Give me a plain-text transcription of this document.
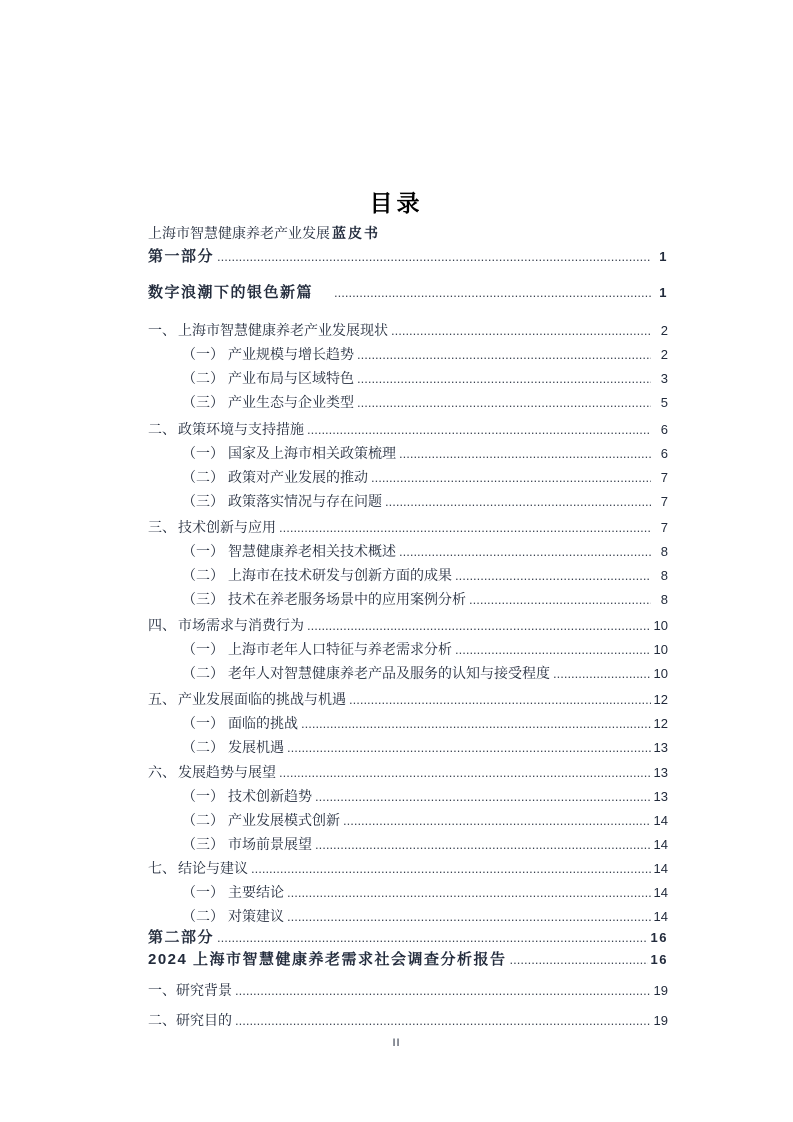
目录
上海市智慧健康养老产业发展 蓝皮书
第一部分 .....	1
数字浪潮下的银色新篇 .....	1
一、 上海市智慧健康养老产业发展现状 .....	2
（一） 产业规模与增长趋势 .....	2
（二） 产业布局与区域特色 .....	3
（三） 产业生态与企业类型 .....	5
二、 政策环境与支持措施 .....	6
（一） 国家及上海市相关政策梳理 .....	6
（二） 政策对产业发展的推动 .....	7
（三） 政策落实情况与存在问题 .....	7
三、 技术创新与应用 .....	7
（一） 智慧健康养老相关技术概述 .....	8
（二） 上海市在技术研发与创新方面的成果 .....	8
（三） 技术在养老服务场景中的应用案例分析 .....	8
四、 市场需求与消费行为 .....	10
（一） 上海市老年人口特征与养老需求分析 .....	10
（二） 老年人对智慧健康养老产品及服务的认知与接受程度 .....	10
五、 产业发展面临的挑战与机遇 .....	12
（一） 面临的挑战 .....	12
（二） 发展机遇 .....	13
六、 发展趋势与展望 .....	13
（一） 技术创新趋势 .....	13
（二） 产业发展模式创新 .....	14
（三） 市场前景展望 .....	14
七、 结论与建议 .....	14
（一） 主要结论 .....	14
（二） 对策建议 .....	14
第二部分 .....	16
2024 上海市智慧健康养老需求社会调查分析报告 .....	16
一、研究背景 .....	19
二、研究目的 .....	19
II
